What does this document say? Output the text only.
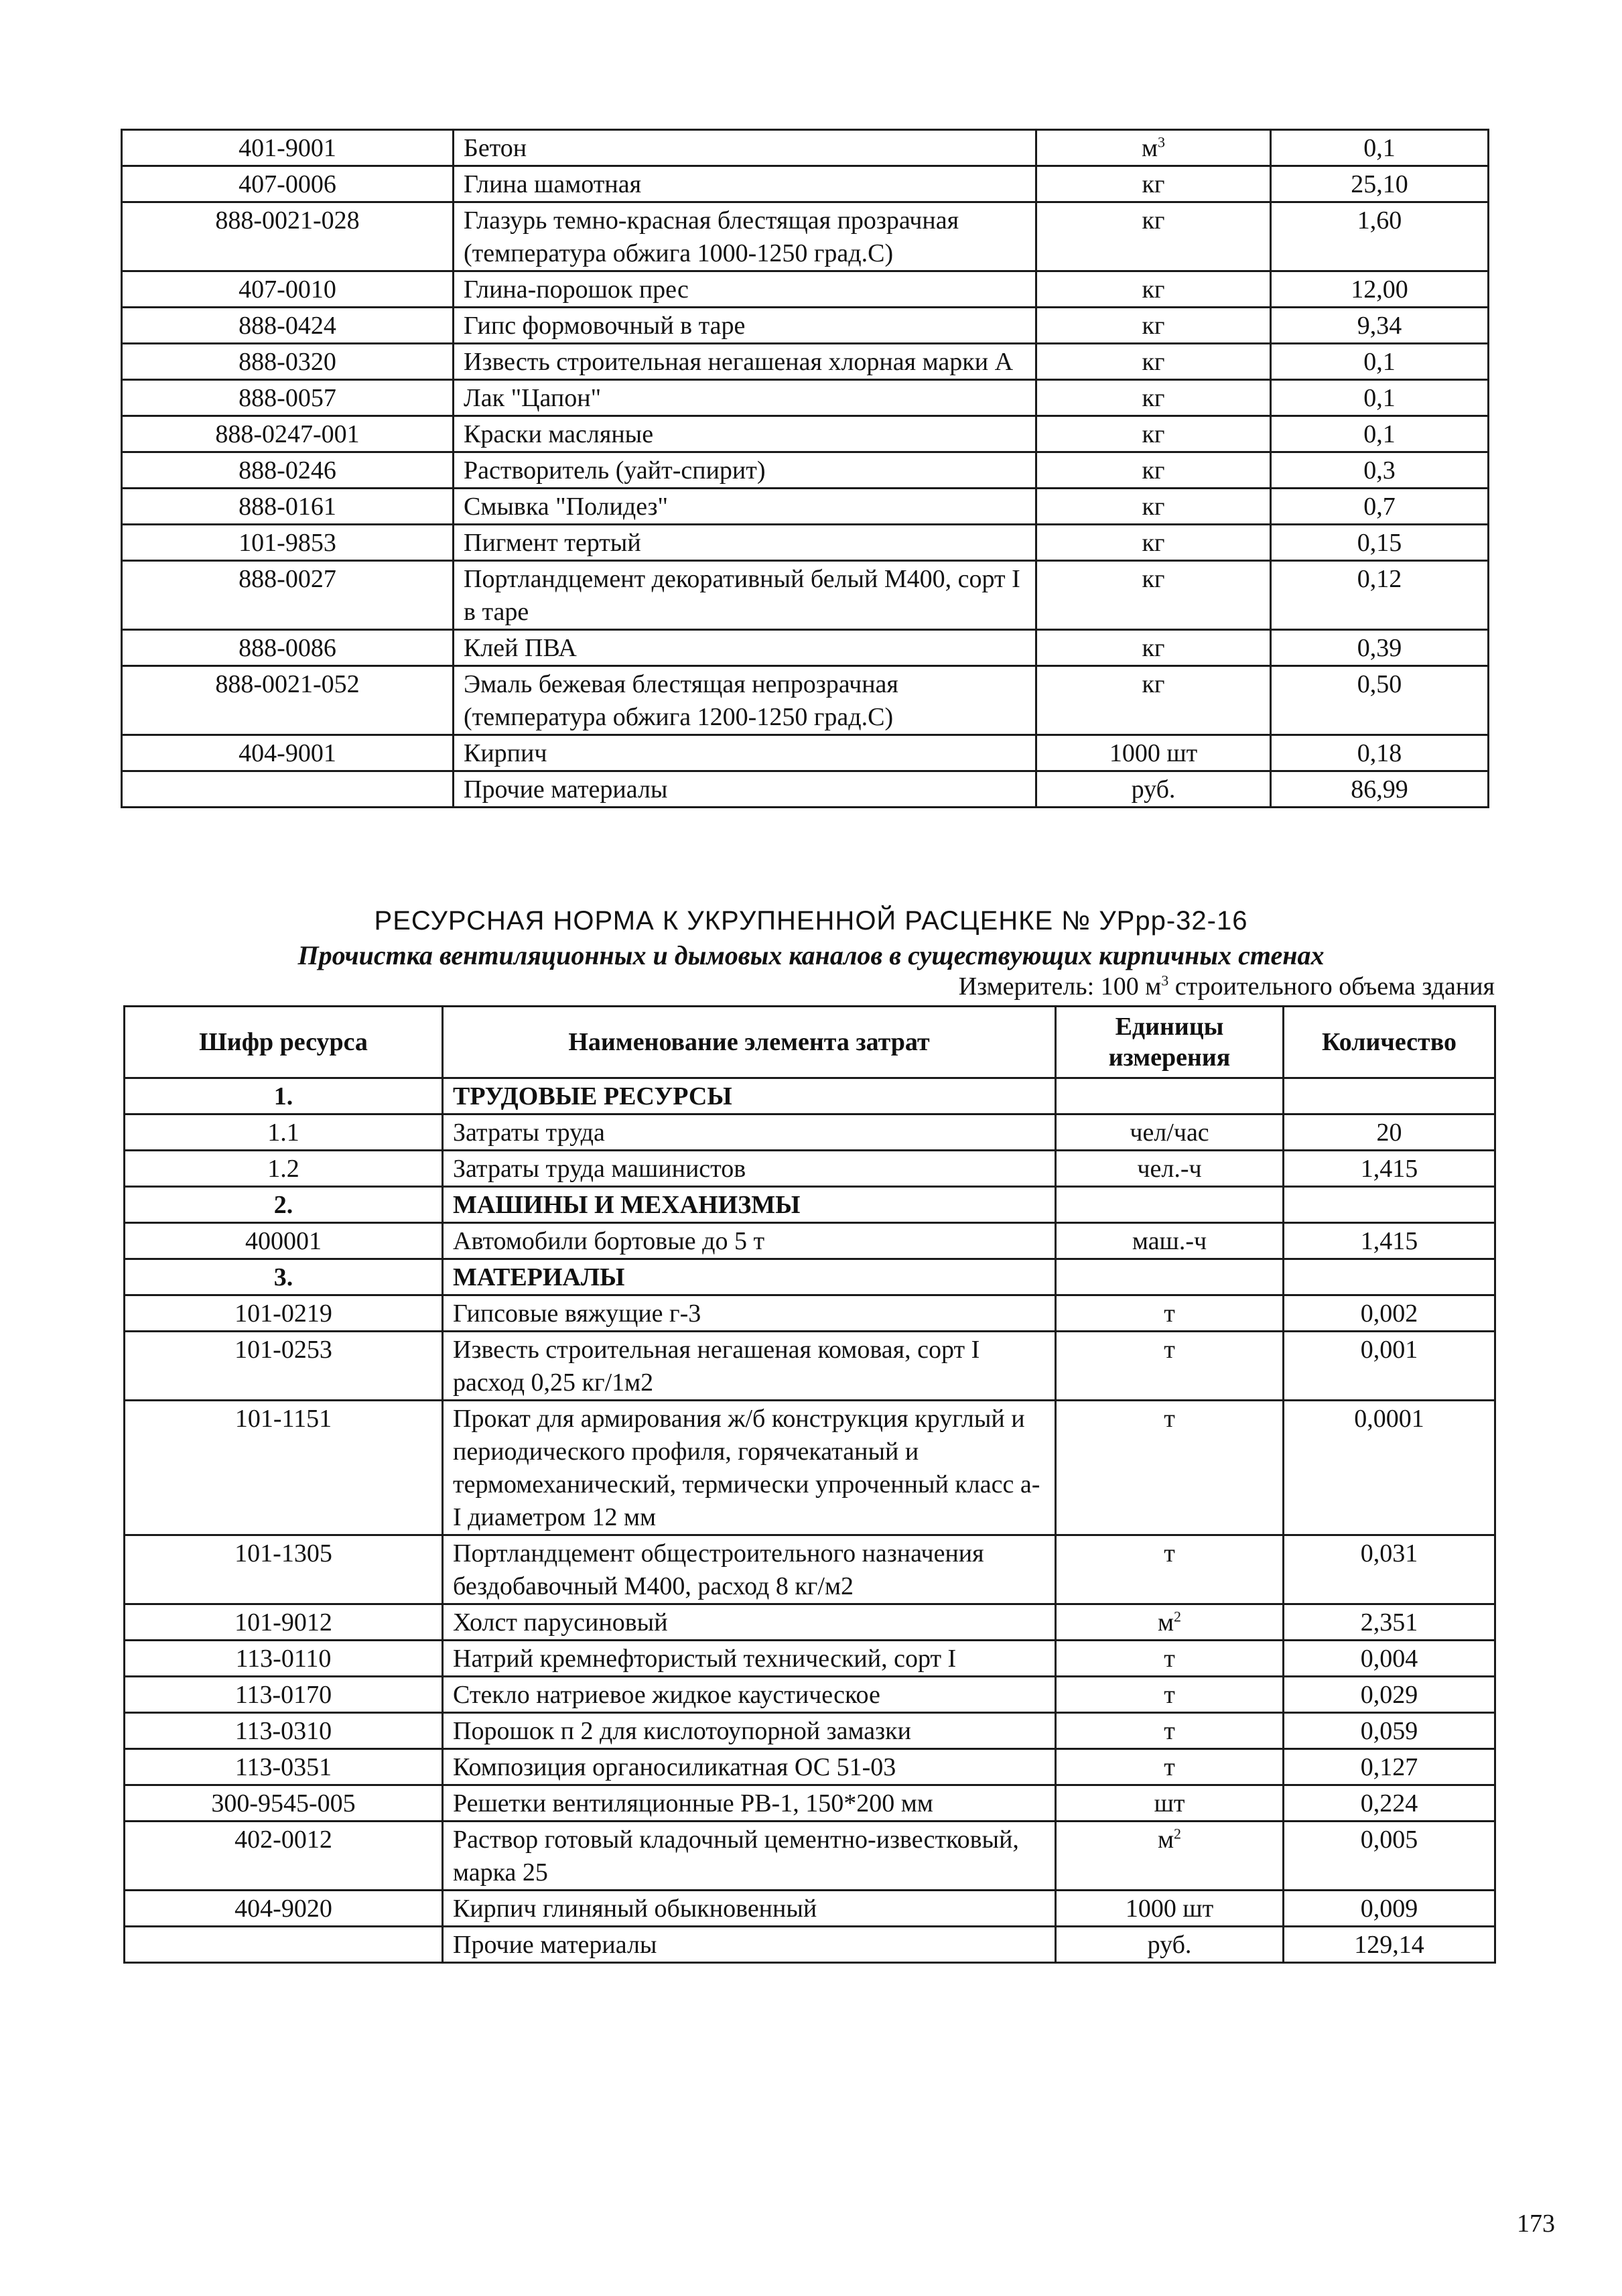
401-9001	Бетон	$м^3$	0,1
407-0006	Глина шамотная	кг	25,10
888-0021-028	Глазурь темно-красная блестящая прозрачная (температура обжига 1000-1250 град.С)	кг	1,60
407-0010	Глина-порошок прес	кг	12,00
888-0424	Гипс формовочный в таре	кг	9,34
888-0320	Известь строительная негашеная хлорная марки А	кг	0,1
888-0057	Лак "Цапон"	кг	0,1
888-0247-001	Краски масляные	кг	0,1
888-0246	Растворитель (уайт-спирит)	кг	0,3
888-0161	Смывка "Полидез"	кг	0,7
101-9853	Пигмент тертый	кг	0,15
888-0027	Портландцемент декоративный белый М400, сорт I в таре	кг	0,12
888-0086	Клей ПВА	кг	0,39
888-0021-052	Эмаль бежевая блестящая непрозрачная (температура обжига 1200-1250 град.С)	кг	0,50
404-9001	Кирпич	1000 шт	0,18
	Прочие материалы	руб.	86,99
РЕСУРСНАЯ НОРМА К УКРУПНЕННОЙ РАСЦЕНКЕ № УРрр-32-16
Прочистка вентиляционных и дымовых каналов в существующих кирпичных стенах
Измеритель: 100 $м^3$ строительного объема здания
Шифр ресурса	Наименование элемента затрат	Единицы измерения	Количество
1.	ТРУДОВЫЕ РЕСУРСЫ		
1.1	Затраты труда	чел/час	20
1.2	Затраты труда машинистов	чел.-ч	1,415
2.	МАШИНЫ И МЕХАНИЗМЫ		
400001	Автомобили бортовые до 5 т	маш.-ч	1,415
3.	МАТЕРИАЛЫ		
101-0219	Гипсовые вяжущие г-3	т	0,002
101-0253	Известь строительная негашеная комовая, сорт I расход 0,25 кг/1м2	т	0,001
101-1151	Прокат для армирования ж/б конструкция круглый и периодического профиля, горячекатаный и термомеханический, термически упроченный класс а-I диаметром 12 мм	т	0,0001
101-1305	Портландцемент общестроительного назначения бездобавочный М400, расход 8 кг/м2	т	0,031
101-9012	Холст парусиновый	$м^2$	2,351
113-0110	Натрий кремнефтористый технический, сорт I	т	0,004
113-0170	Стекло натриевое жидкое каустическое	т	0,029
113-0310	Порошок п 2 для кислотоупорной замазки	т	0,059
113-0351	Композиция органосиликатная ОС 51-03	т	0,127
300-9545-005	Решетки вентиляционные РВ-1, 150*200 мм	шт	0,224
402-0012	Раствор готовый кладочный цементно-известковый, марка 25	$м^2$	0,005
404-9020	Кирпич глиняный обыкновенный	1000 шт	0,009
	Прочие материалы	руб.	129,14
173
